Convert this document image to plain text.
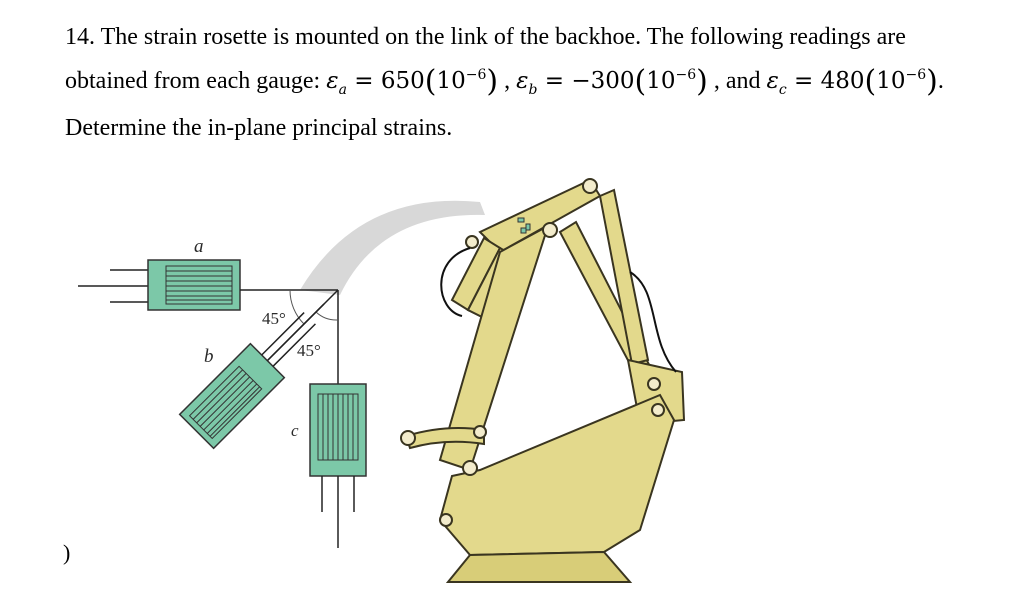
14. The strain rosette is mounted on the link of the backhoe. The following readings are
obtained from each gauge: $\varepsilon_a = 650(10^{-6})$ , $\varepsilon_b = -300(10^{-6})$ , and $\varepsilon_c = 480(10^{-6})$.
Determine the in-plane principal strains.
a
45°
45°
b
c
)
